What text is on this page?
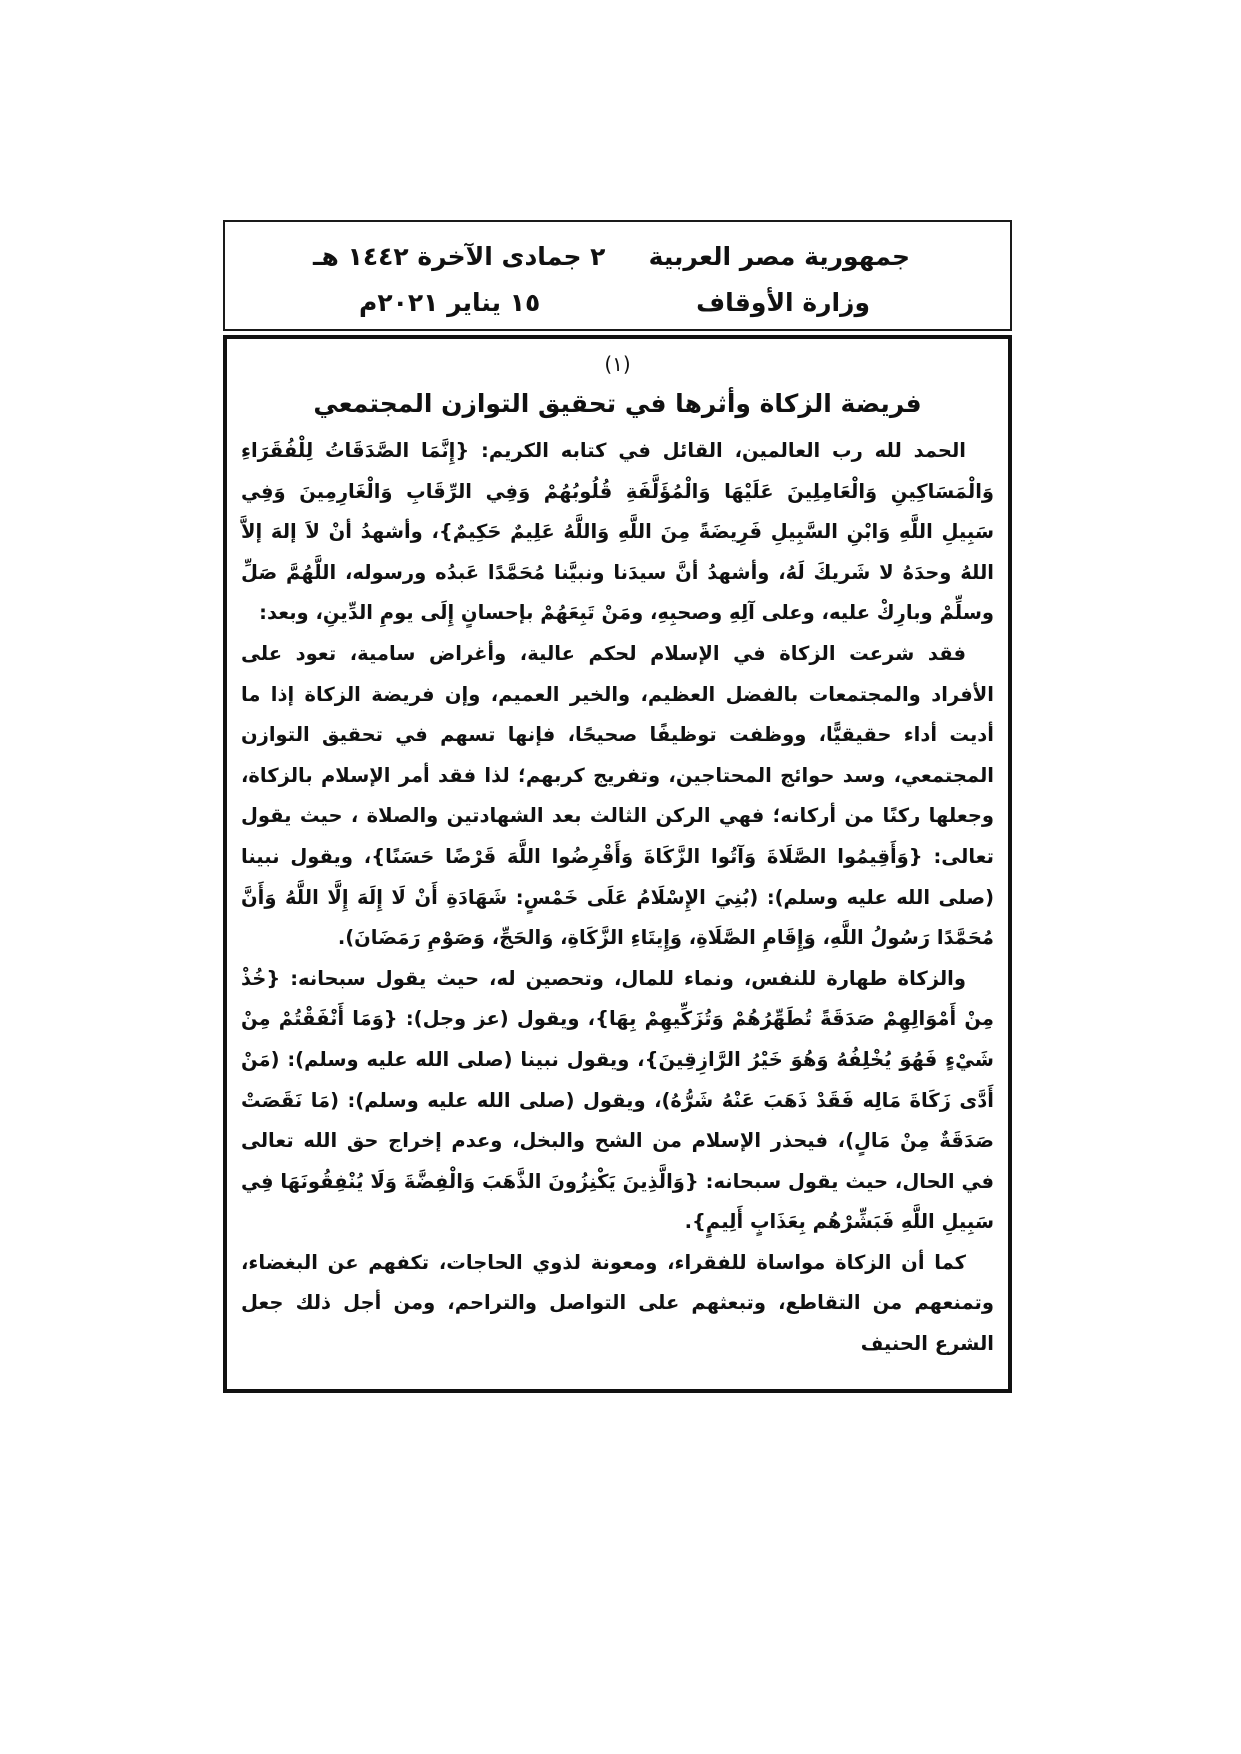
جمهورية مصر العربية
وزارة الأوقاف
٢ جمادى الآخرة ١٤٤٢ هـ
١٥ يناير ٢٠٢١م
(١)
فريضة الزكاة وأثرها في تحقيق التوازن المجتمعي

الحمد لله رب العالمين، القائل في كتابه الكريم: {إِنَّمَا الصَّدَقَاتُ لِلْفُقَرَاءِ وَالْمَسَاكِينِ وَالْعَامِلِينَ عَلَيْهَا وَالْمُؤَلَّفَةِ قُلُوبُهُمْ وَفِي الرِّقَابِ وَالْغَارِمِينَ وَفِي سَبِيلِ اللَّهِ وَابْنِ السَّبِيلِ فَرِيضَةً مِنَ اللَّهِ وَاللَّهُ عَلِيمٌ حَكِيمٌ}، وأشهدُ أنْ لاَ إلهَ إلاَّ اللهُ وحدَهُ لا شَريكَ لَهُ، وأشهدُ أنَّ سيدَنا ونبيَّنا مُحَمَّدًا عَبدُه ورسوله، اللَّهُمَّ صَلِّ وسلِّمْ وبارِكْ عليه، وعلى آلِهِ وصحبِهِ، ومَنْ تَبِعَهُمْ بإحسانٍ إِلَى يومِ الدِّينِ، وبعد:

فقد شرعت الزكاة في الإسلام لحكم عالية، وأغراض سامية، تعود على الأفراد والمجتمعات بالفضل العظيم، والخير العميم، وإن فريضة الزكاة إذا ما أديت أداء حقيقيًّا، ووظفت توظيفًا صحيحًا، فإنها تسهم في تحقيق التوازن المجتمعي، وسد حوائج المحتاجين، وتفريج كربهم؛ لذا فقد أمر الإسلام بالزكاة، وجعلها ركنًا من أركانه؛ فهي الركن الثالث بعد الشهادتين والصلاة ، حيث يقول تعالى: {وَأَقِيمُوا الصَّلَاةَ وَآتُوا الزَّكَاةَ وَأَقْرِضُوا اللَّهَ قَرْضًا حَسَنًا}، ويقول نبينا (صلى الله عليه وسلم): (بُنِيَ الإِسْلَامُ عَلَى خَمْسٍ: شَهَادَةِ أَنْ لَا إِلَهَ إِلَّا اللَّهُ وَأَنَّ مُحَمَّدًا رَسُولُ اللَّهِ، وَإِقَامِ الصَّلَاةِ، وَإِيتَاءِ الزَّكَاةِ، وَالحَجِّ، وَصَوْمِ رَمَضَانَ).

والزكاة طهارة للنفس، ونماء للمال، وتحصين له، حيث يقول سبحانه: {خُذْ مِنْ أَمْوَالِهِمْ صَدَقَةً تُطَهِّرُهُمْ وَتُزَكِّيهِمْ بِهَا}، ويقول (عز وجل): {وَمَا أَنْفَقْتُمْ مِنْ شَيْءٍ فَهُوَ يُخْلِفُهُ وَهُوَ خَيْرُ الرَّازِقِينَ}، ويقول نبينا (صلى الله عليه وسلم): (مَنْ أَدَّى زَكَاةَ مَالِه فَقَدْ ذَهَبَ عَنْهُ شَرُّهُ)، ويقول (صلى الله عليه وسلم): (مَا نَقَصَتْ صَدَقَةٌ مِنْ مَالٍ)، فيحذر الإسلام من الشح والبخل، وعدم إخراج حق الله تعالى في الحال، حيث يقول سبحانه: {وَالَّذِينَ يَكْنِزُونَ الذَّهَبَ وَالْفِضَّةَ وَلَا يُنْفِقُونَهَا فِي سَبِيلِ اللَّهِ فَبَشِّرْهُم بِعَذَابٍ أَلِيمٍ}.

كما أن الزكاة مواساة للفقراء، ومعونة لذوي الحاجات، تكفهم عن البغضاء، وتمنعهم من التقاطع، وتبعثهم على التواصل والتراحم، ومن أجل ذلك جعل الشرع الحنيف
